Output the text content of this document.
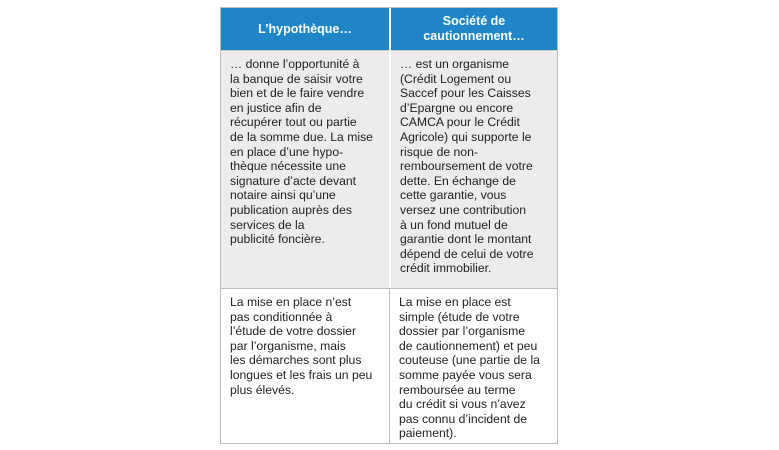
L’hypothèque…
Société de
cautionnement…
… donne l’opportunité à
la banque de saisir votre
bien et de le faire vendre
en justice afin de
récupérer tout ou partie
de la somme due. La mise
en place d’une hypo-
thèque nécessite une
signature d’acte devant
notaire ainsi qu’une
publication auprès des
services de la
publicité foncière.
… est un organisme
(Crédit Logement ou
Saccef pour les Caisses
d’Epargne ou encore
CAMCA pour le Crédit
Agricole) qui supporte le
risque de non-
remboursement de votre
dette. En échange de
cette garantie, vous
versez une contribution
à un fond mutuel de
garantie dont le montant
dépend de celui de votre
crédit immobilier.
La mise en place n’est
pas conditionnée à
l’étude de votre dossier
par l’organisme, mais
les démarches sont plus
longues et les frais un peu
plus élevés.
La mise en place est
simple (étude de votre
dossier par l’organisme
de cautionnement) et peu
couteuse (une partie de la
somme payée vous sera
remboursée au terme
du crédit si vous n’avez
pas connu d’incident de
paiement).
